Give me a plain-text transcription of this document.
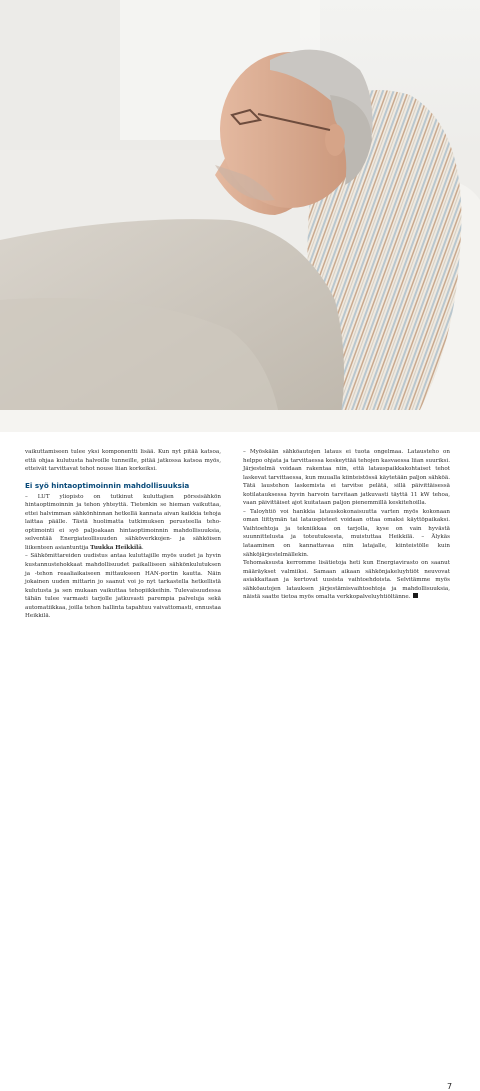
vaikuttamiseen tulee yksi komponentti lisää. Kun nyt pitää katsoa, että ohjaa kulutusta halvoille tunneille, pitää jatkossa katsoa myös, etteivät tarvittavat tehot nouse liian korkeiksi.

Ei syö hintaoptimoinnin mahdollisuuksia

– LUT yliopisto on tutkinut kuluttajien pörssisähkön hintaoptimoinnin ja tehon yhteyttä. Tietenkin se hieman vaikuttaa, ettei halvimman sähkönhinnan hetkellä kannata aivan kaikkia tehoja laittaa päälle. Tästä huolimatta tutkimuksen perusteella teho-optimointi ei syö paljoakaan hintaoptimoinnin mahdollisuuksia, selventää Energiateollisuuden sähköverkkojen- ja sähköisen liikenteen asiantuntija Tuukka Heikkilä.

– Sähkömittareiden uudistus antaa kuluttajille myös uudet ja hyvin kustannustehokkaat mahdollisuudet paikalliseen sähkönkulutuksen ja -tehon reaaliaikaiseen mittaukseen HAN-portin kautta. Näin jokainen uuden mittarin jo saanut voi jo nyt tarkastella hetkellistä kulutusta ja sen mukaan vaikuttaa tehopiikkeihin. Tulevaisuudessa tähän tulee varmasti tarjolle jatkuvasti parempia palveluja sekä automatiikkaa, joilla tehon hallinta tapahtuu vaivattomasti, ennustaa Heikkilä.

– Myöskään sähköautojen lataus ei tuota ongelmaa. Latausteho on helppo ohjata ja tarvittaessa keskeyttää tehojen kasvaessa liian suuriksi. Järjestelmä voidaan rakentaa niin, että latauspaikkakohtaiset tehot laskevat tarvittaessa, kun muualla kiinteistössä käytetään paljon sähköä. Tätä laustehon laskemista ei tarvitse pelätä, sillä päivittäisessä kotilatauksessa hyvin harvoin tarvitaan jatkuvasti täyttä 11 kW tehoa, vaan päivittäiset ajot kuitataan paljon pienemmillä keskitehoilla.

– Taloyhtiö voi hankkia latauskokonaisuutta varten myös kokonaan oman liittymän tai latauspisteet voidaan ottaa omaksi käyttöpaikaksi. Vaihtoehtoja ja tekniikkaa on tarjolla, kyse on vain hyvästä suunnittelusta ja toteutuksesta, muistuttaa Heikkilä. – Älykäs lataaminen on kannattavaa niin latajalle, kiinteistölle kuin sähköjärjestelmällekin.

Tehomaksusta kerromme lisätietoja heti kun Energiavirasto on saanut määräykset valmiiksi. Samaan aikaan sähkönjakeluyhtiöt neuvovat asiakkaitaan ja kertovat uusista vaihtoehdoista. Selvitämme myös sähköautojen latauksen järjestämisvaihtoehtoja ja mahdollisuuksia, näistä saatte tietoa myös omalta verkkopalveluyhtiöltänne.

7
